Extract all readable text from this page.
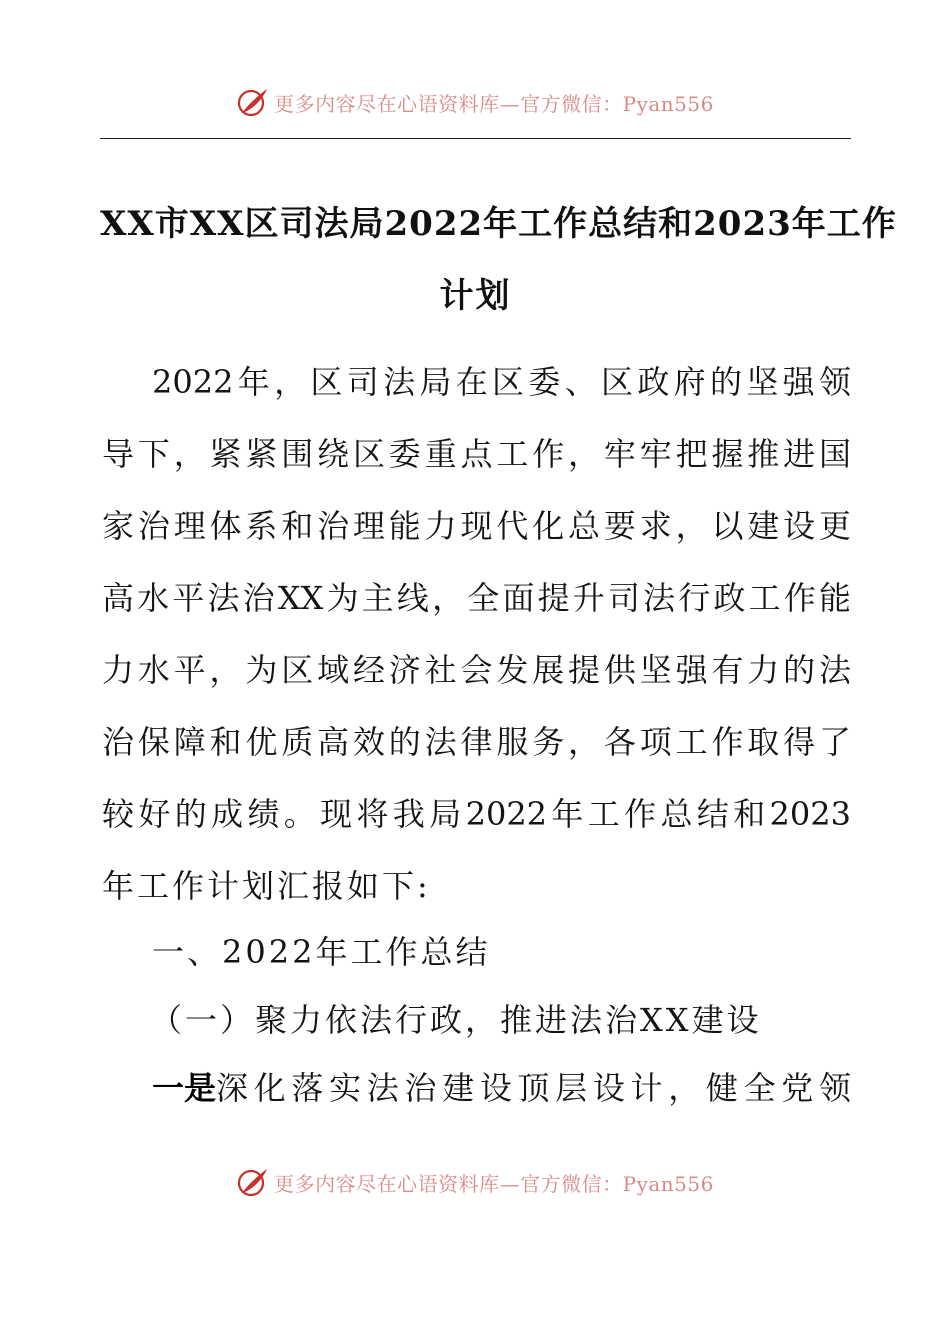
更多内容尽在心语资料库—官方微信：Pyan556
XX市XX区司法局2022年工作总结和2023年工作
计划
2022年，区司法局在区委、区政府的坚强领
导下，紧紧围绕区委重点工作，牢牢把握推进国
家治理体系和治理能力现代化总要求，以建设更
高水平法治XX为主线，全面提升司法行政工作能
力水平，为区域经济社会发展提供坚强有力的法
治保障和优质高效的法律服务，各项工作取得了
较好的成绩。现将我局2022年工作总结和2023
年工作计划汇报如下:
一、2022年工作总结
（一）聚力依法行政，推进法治XX建设
一是 深化落实法治建设顶层设计，健全党领
更多内容尽在心语资料库—官方微信：Pyan556
